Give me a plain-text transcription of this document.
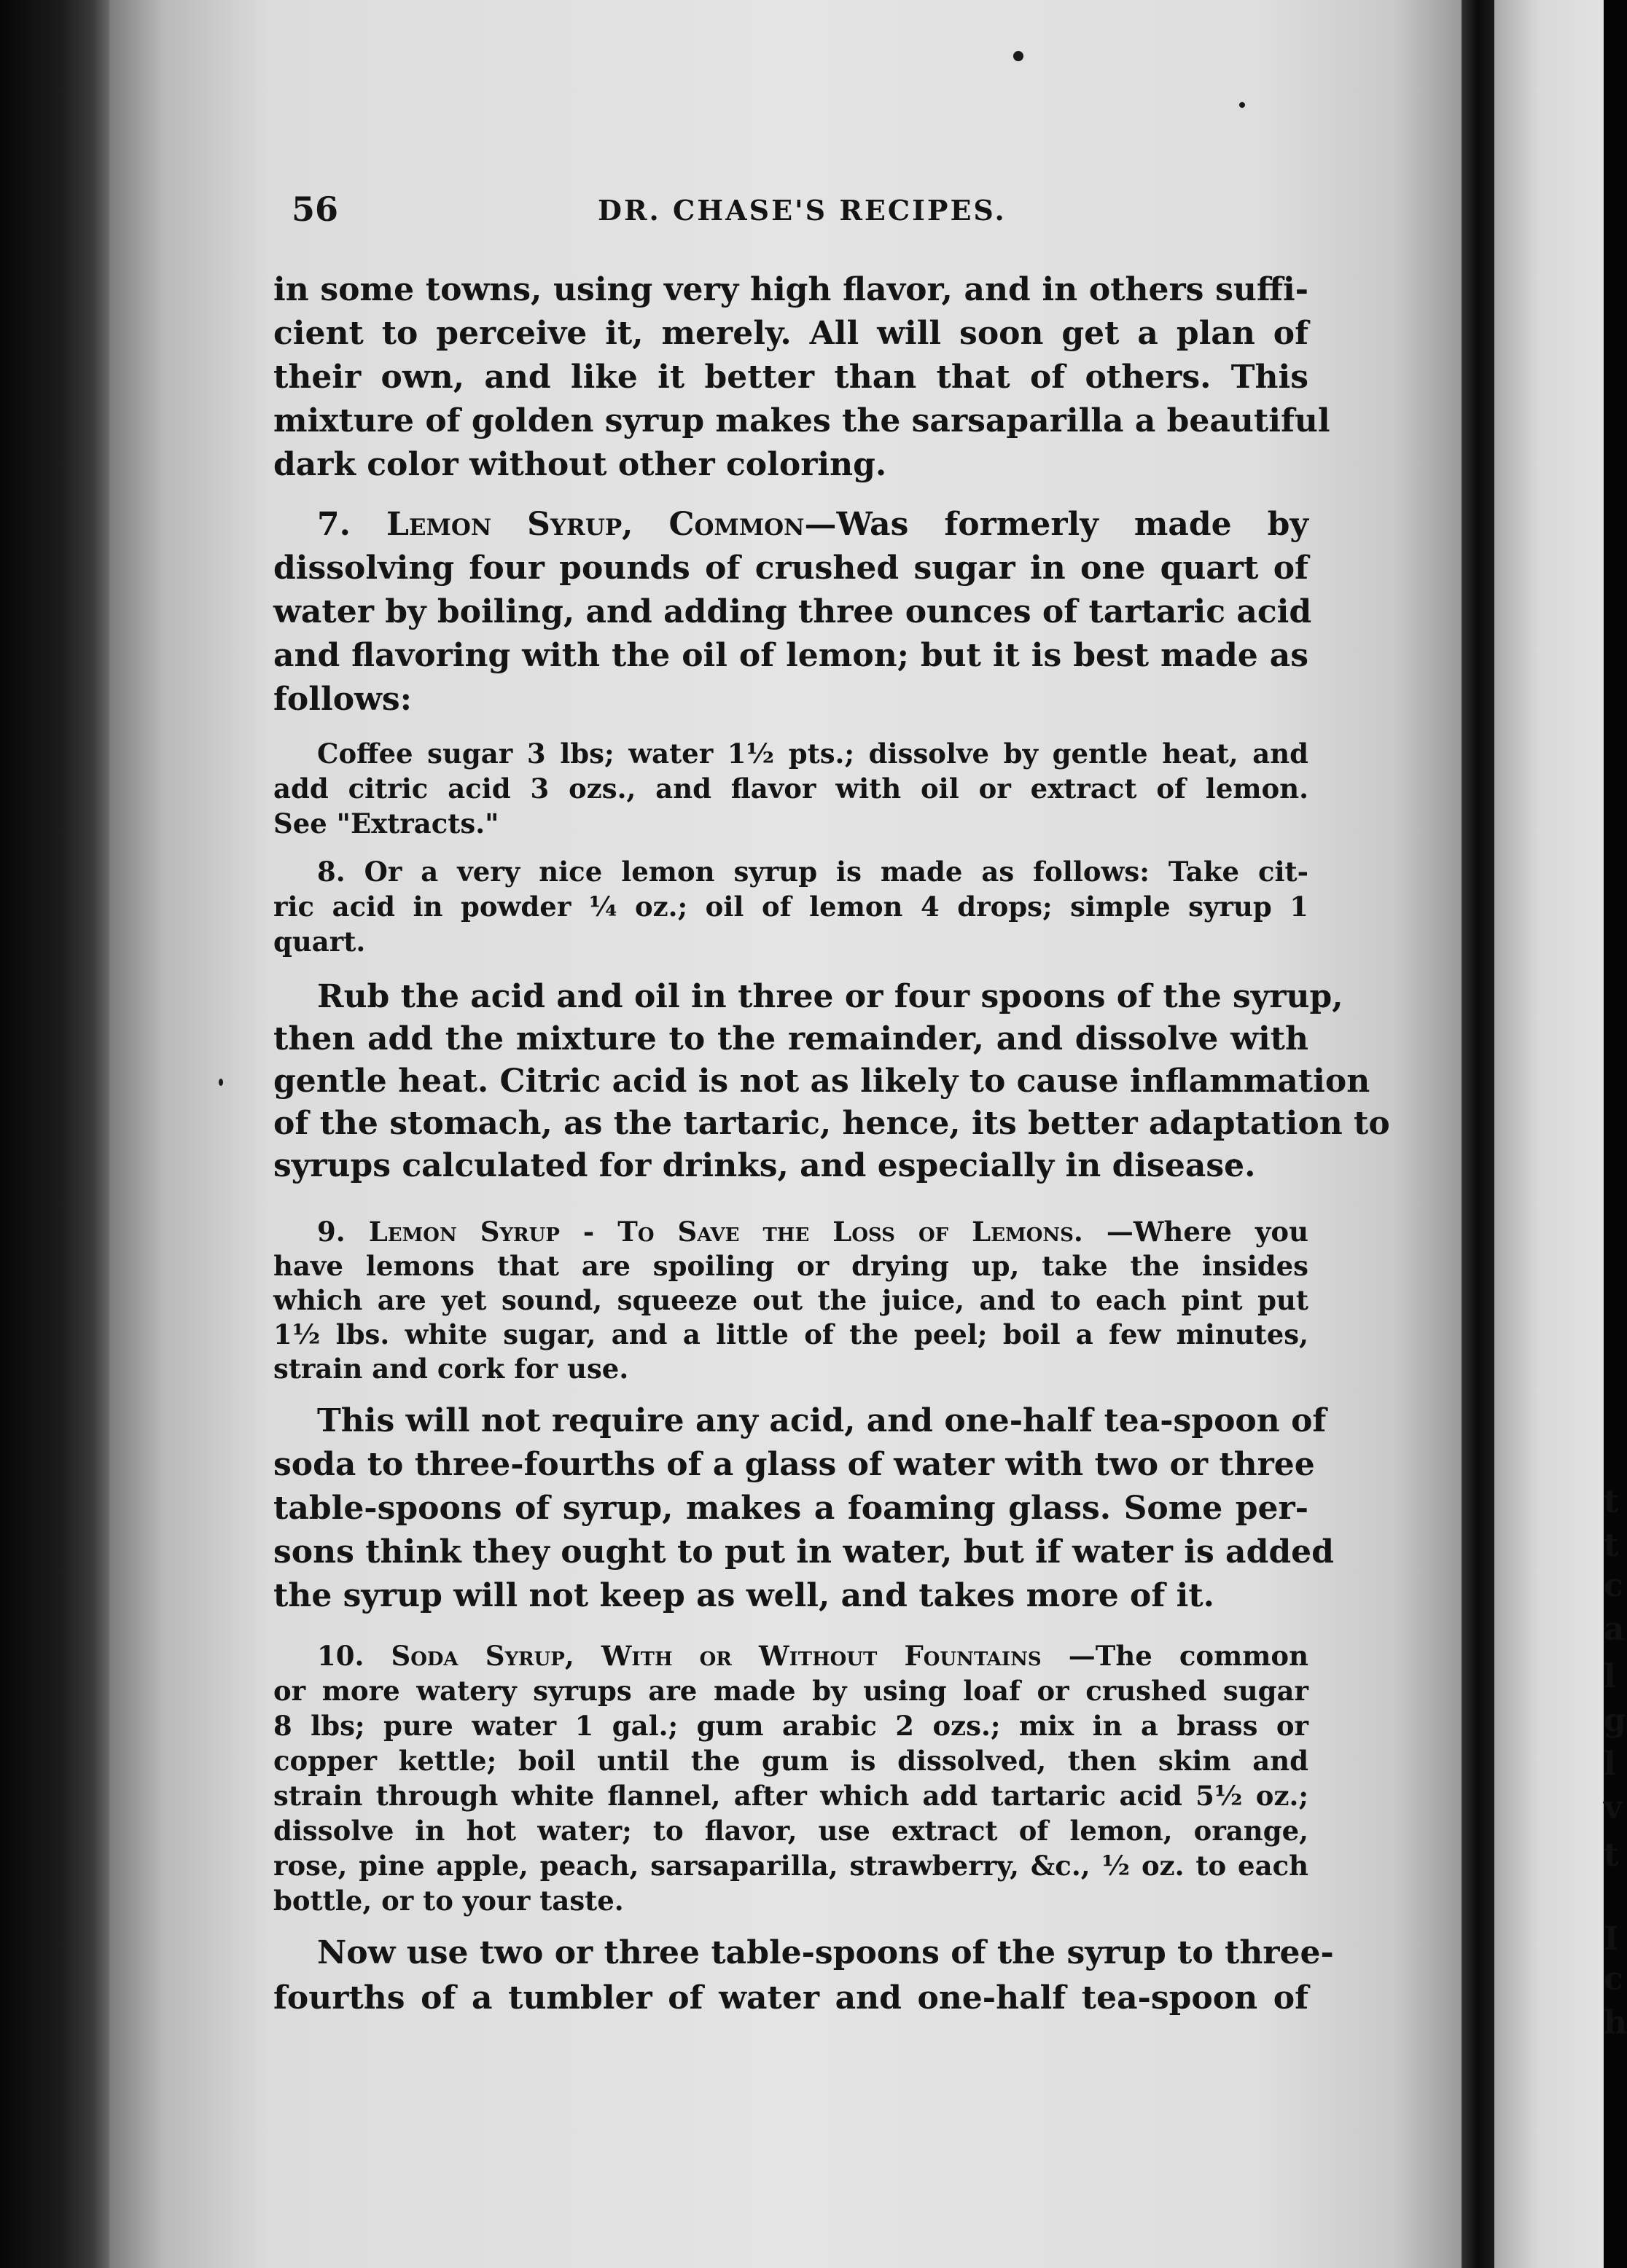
t
t
c
a
l
g
l
v
t
I
c
h
56	DR. CHASE'S RECIPES.
in some towns, using very high flavor, and in others suffi-
cient to perceive it, merely. All will soon get a plan of
their own, and like it better than that of others. This
mixture of golden syrup makes the sarsaparilla a beautiful
dark color without other coloring.
7. Lemon Syrup, Common—Was formerly made by
dissolving four pounds of crushed sugar in one quart of
water by boiling, and adding three ounces of tartaric acid
and flavoring with the oil of lemon; but it is best made as
follows:
Coffee sugar 3 lbs; water 1½ pts.; dissolve by gentle heat, and
add citric acid 3 ozs., and flavor with oil or extract of lemon.
See "Extracts."
8. Or a very nice lemon syrup is made as follows: Take cit-
ric acid in powder ¼ oz.; oil of lemon 4 drops; simple syrup 1
quart.
Rub the acid and oil in three or four spoons of the syrup,
then add the mixture to the remainder, and dissolve with
gentle heat. Citric acid is not as likely to cause inflammation
of the stomach, as the tartaric, hence, its better adaptation to
syrups calculated for drinks, and especially in disease.
9. Lemon Syrup - To Save the Loss of Lemons. —Where you
have lemons that are spoiling or drying up, take the insides
which are yet sound, squeeze out the juice, and to each pint put
1½ lbs. white sugar, and a little of the peel; boil a few minutes,
strain and cork for use.
This will not require any acid, and one-half tea-spoon of
soda to three-fourths of a glass of water with two or three
table-spoons of syrup, makes a foaming glass. Some per-
sons think they ought to put in water, but if water is added
the syrup will not keep as well, and takes more of it.
10. Soda Syrup, With or Without Fountains —The common
or more watery syrups are made by using loaf or crushed sugar
8 lbs; pure water 1 gal.; gum arabic 2 ozs.; mix in a brass or
copper kettle; boil until the gum is dissolved, then skim and
strain through white flannel, after which add tartaric acid 5½ oz.;
dissolve in hot water; to flavor, use extract of lemon, orange,
rose, pine apple, peach, sarsaparilla, strawberry, &c., ½ oz. to each
bottle, or to your taste.
Now use two or three table-spoons of the syrup to three-
fourths of a tumbler of water and one-half tea-spoon of
